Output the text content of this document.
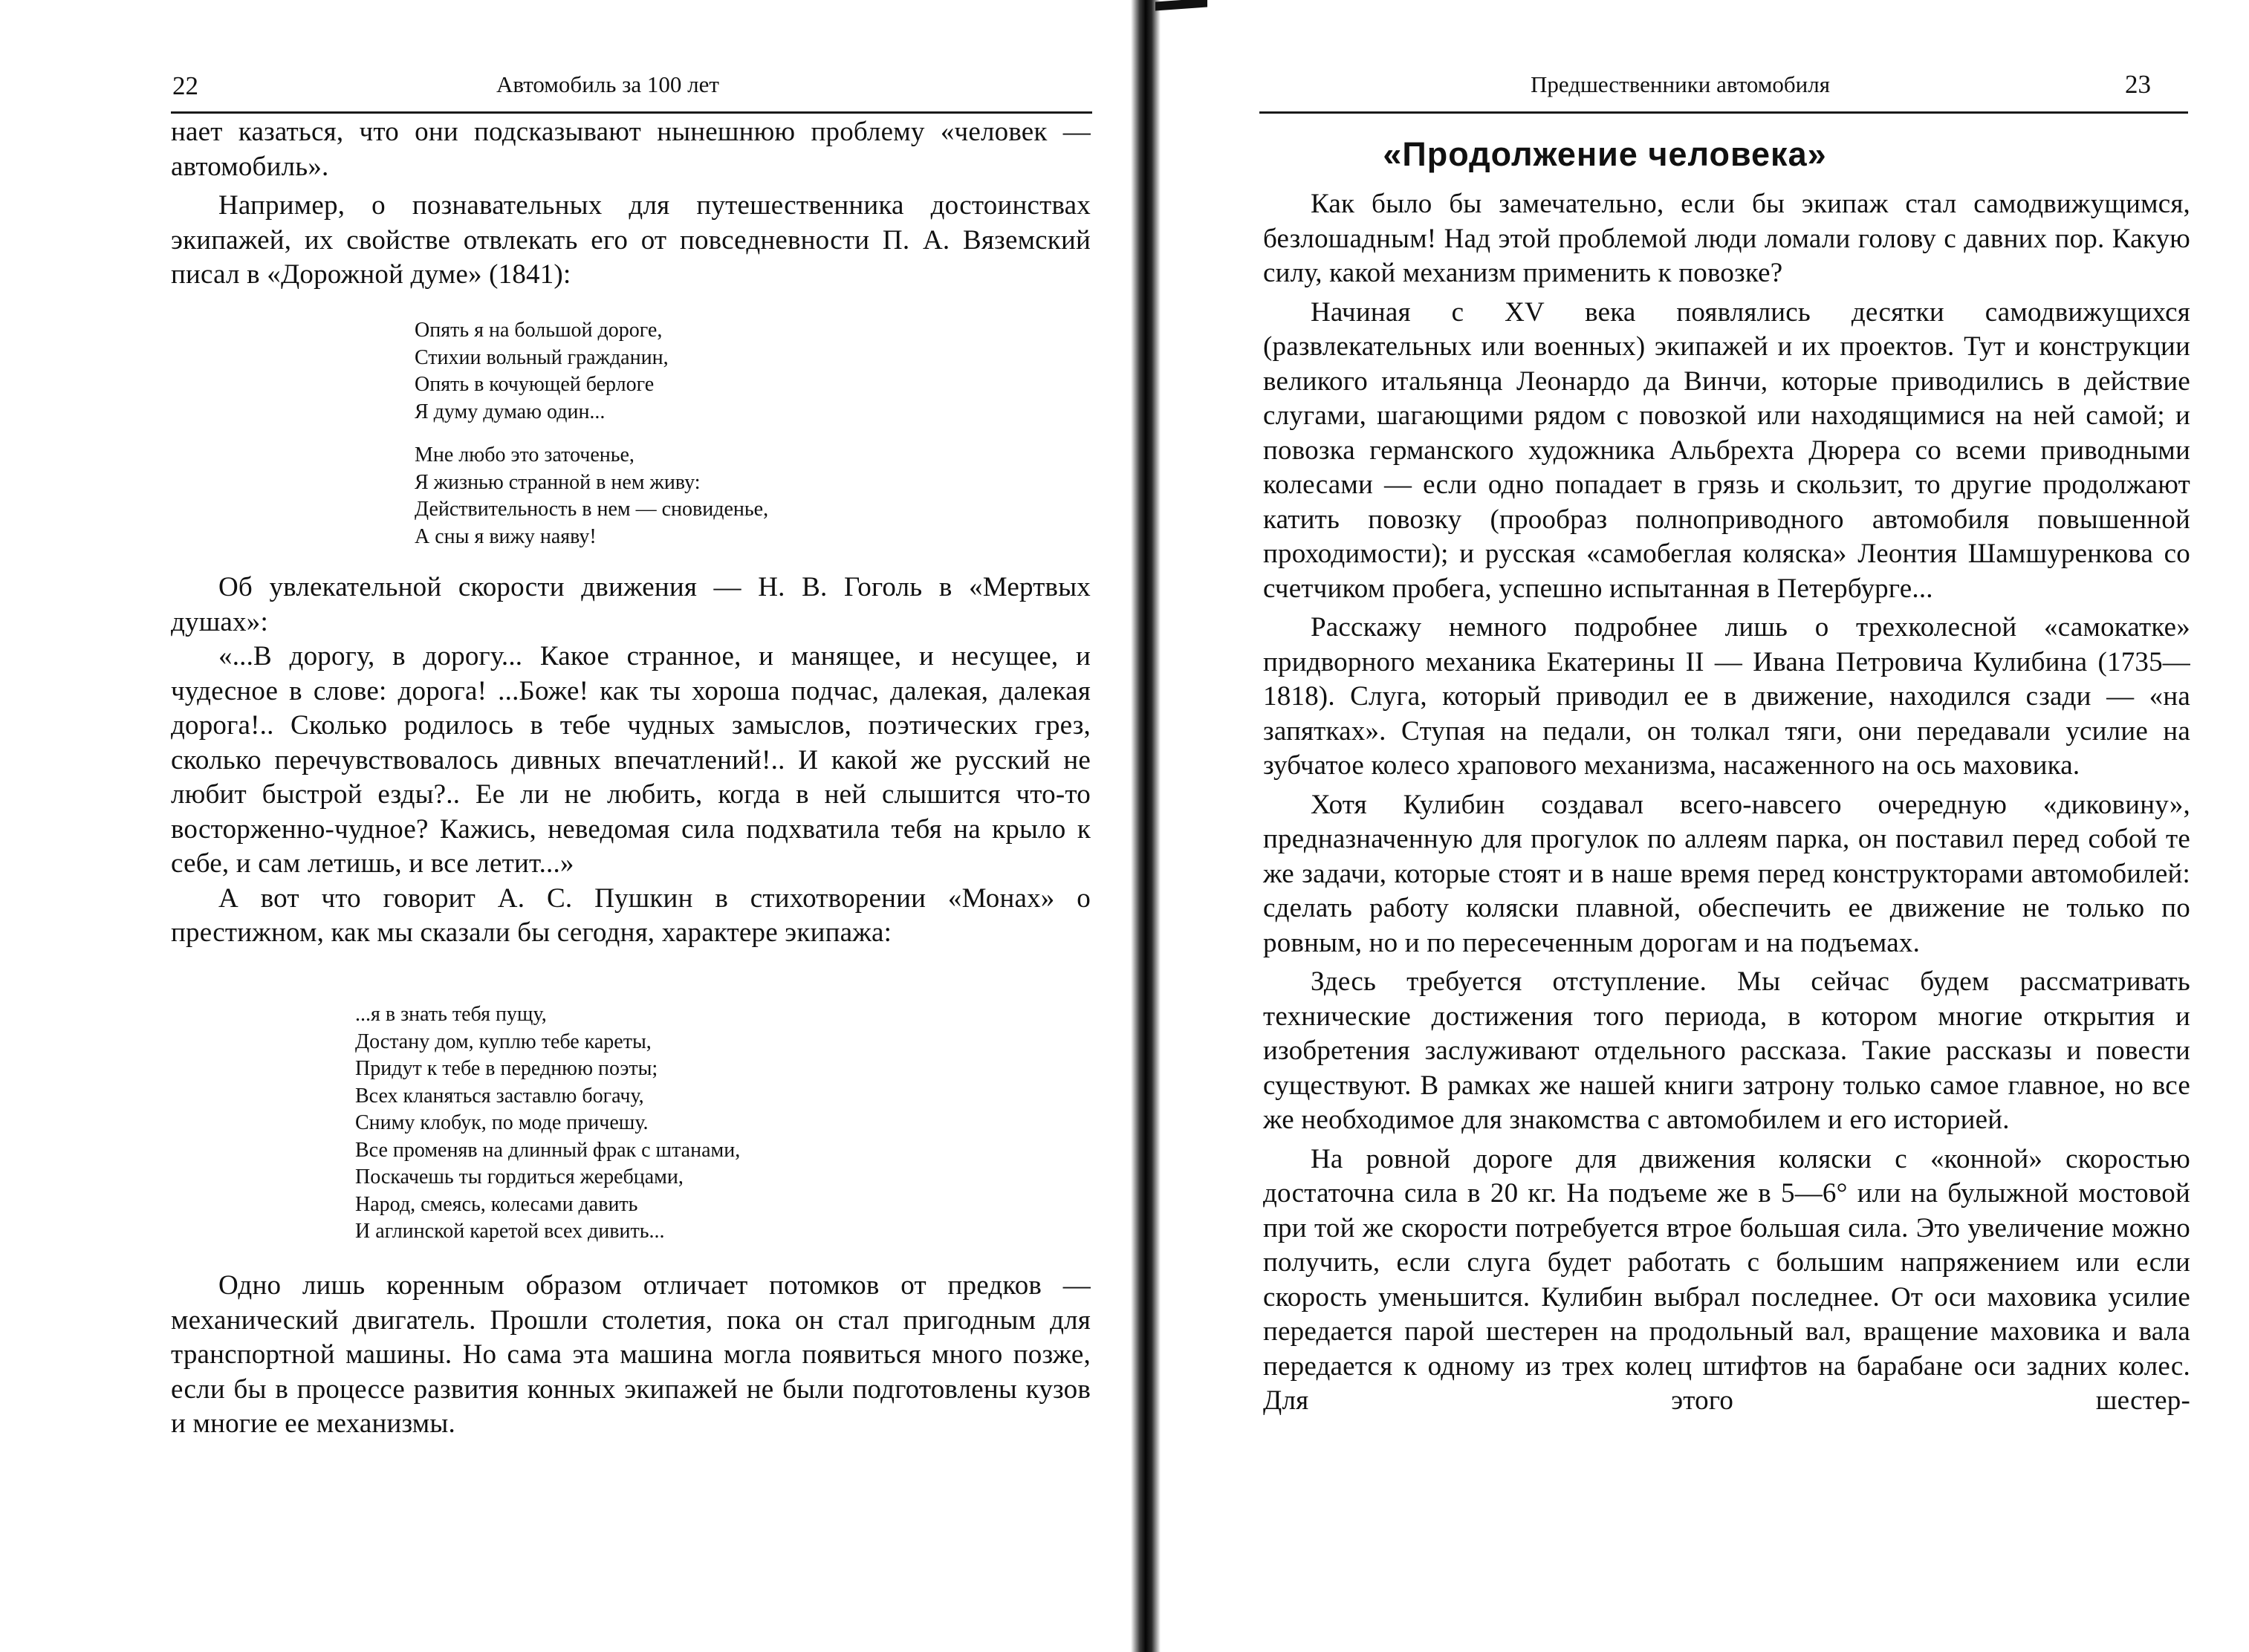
22	Автомобиль за 100 лет

нает казаться, что они подсказывают нынешнюю проблему «человек — автомобиль».

Например, о познавательных для путешественника достоинствах экипажей, их свойстве отвлекать его от повседневности П. А. Вяземский писал в «Дорожной думе» (1841):

Опять я на большой дороге,
Стихии вольный гражданин,
Опять в кочующей берлоге
Я думу думаю один...
Мне любо это заточенье,
Я жизнью странной в нем живу:
Действительность в нем — сновиденье,
А сны я вижу наяву!

Об увлекательной скорости движения — Н. В. Гоголь в «Мертвых душах»:

«...В дорогу, в дорогу... Какое странное, и манящее, и несущее, и чудесное в слове: дорога! ...Боже! как ты хороша подчас, далекая, далекая дорога!.. Сколько родилось в тебе чудных замыслов, поэтических грез, сколько перечувствовалось дивных впечатлений!.. И какой же русский не любит быстрой езды?.. Ее ли не любить, когда в ней слышится что-то восторженно-чудное? Кажись, неведомая сила подхватила тебя на крыло к себе, и сам летишь, и все летит...»

А вот что говорит А. С. Пушкин в стихотворении «Монах» о престижном, как мы сказали бы сегодня, характере экипажа:

...я в знать тебя пущу,
Достану дом, куплю тебе кареты,
Придут к тебе в переднюю поэты;
Всех кланяться заставлю богачу,
Сниму клобук, по моде причешу.
Все променяв на длинный фрак с штанами,
Поскачешь ты гордиться жеребцами,
Народ, смеясь, колесами давить
И аглинской каретой всех дивить...

Одно лишь коренным образом отличает потомков от предков — механический двигатель. Прошли столетия, пока он стал пригодным для транспортной машины. Но сама эта машина могла появиться много позже, если бы в процессе развития конных экипажей не были подготовлены кузов и многие ее механизмы.

Предшественники автомобиля	23
«Продолжение человека»

Как было бы замечательно, если бы экипаж стал самодвижущимся, безлошадным! Над этой проблемой люди ломали голову с давних пор. Какую силу, какой механизм применить к повозке?

Начиная с XV века появлялись десятки самодвижущихся (развлекательных или военных) экипажей и их проектов. Тут и конструкции великого итальянца Леонардо да Винчи, которые приводились в действие слугами, шагающими рядом с повозкой или находящимися на ней самой; и повозка германского художника Альбрехта Дюрера со всеми приводными колесами — если одно попадает в грязь и скользит, то другие продолжают катить повозку (прообраз полноприводного автомобиля повышенной проходимости); и русская «самобеглая коляска» Леонтия Шамшуренкова со счетчиком пробега, успешно испытанная в Петербурге...

Расскажу немного подробнее лишь о трехколесной «самокатке» придворного механика Екатерины II — Ивана Петровича Кулибина (1735—1818). Слуга, который приводил ее в движение, находился сзади — «на запятках». Ступая на педали, он толкал тяги, они передавали усилие на зубчатое колесо храпового механизма, насаженного на ось маховика.

Хотя Кулибин создавал всего-навсего очередную «диковину», предназначенную для прогулок по аллеям парка, он поставил перед собой те же задачи, которые стоят и в наше время перед конструкторами автомобилей: сделать работу коляски плавной, обеспечить ее движение не только по ровным, но и по пересеченным дорогам и на подъемах.

Здесь требуется отступление. Мы сейчас будем рассматривать технические достижения того периода, в котором многие открытия и изобретения заслуживают отдельного рассказа. Такие рассказы и повести существуют. В рамках же нашей книги затрону только самое главное, но все же необходимое для знакомства с автомобилем и его историей.

На ровной дороге для движения коляски с «конной» скоростью достаточна сила в 20 кг. На подъеме же в 5—6° или на булыжной мостовой при той же скорости потребуется втрое большая сила. Это увеличение можно получить, если слуга будет работать с большим напряжением или если скорость уменьшится. Кулибин выбрал последнее. От оси маховика усилие передается парой шестерен на продольный вал, вращение маховика и вала передается к одному из трех колец штифтов на барабане оси задних колес. Для этого шестер-
